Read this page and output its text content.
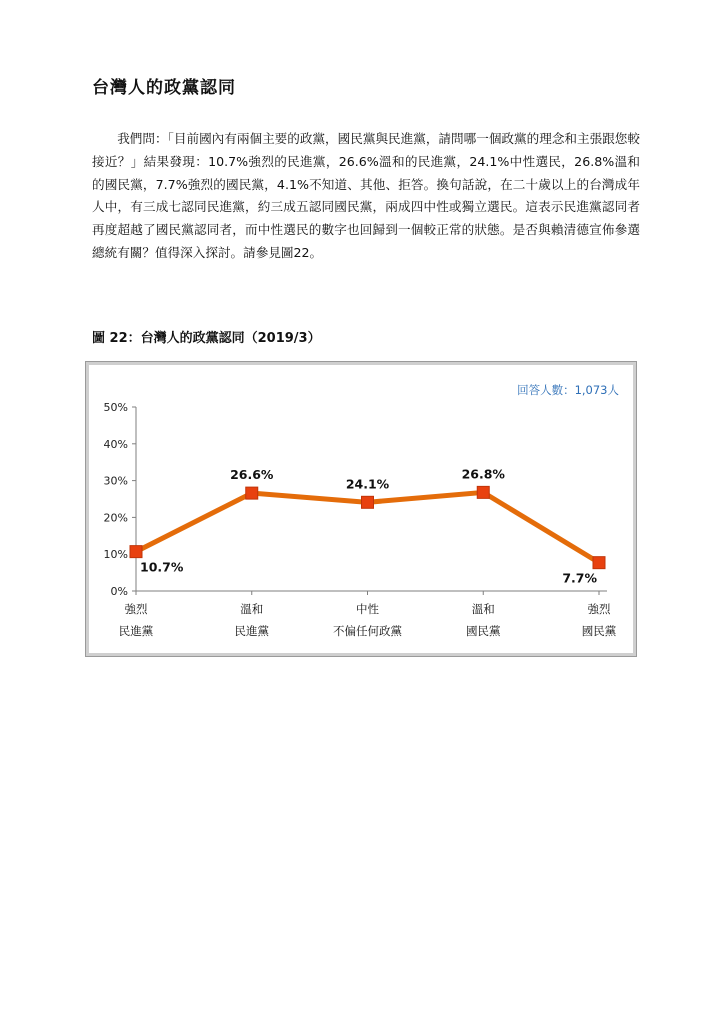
台灣人的政黨認同

我們問：「目前國內有兩個主要的政黨，國民黨與民進黨，請問哪一個政黨的理念和主張跟您較接近？」結果發現：10.7%強烈的民進黨，26.6%溫和的民進黨，24.1%中性選民，26.8%溫和的國民黨，7.7%強烈的國民黨，4.1%不知道、其他、拒答。換句話說，在二十歲以上的台灣成年人中，有三成七認同民進黨，約三成五認同國民黨，兩成四中性或獨立選民。這表示民進黨認同者再度超越了國民黨認同者，而中性選民的數字也回歸到一個較正常的狀態。是否與賴清德宣佈參選總統有關？值得深入探討。請參見圖22。

圖 22：台灣人的政黨認同（2019/3）
回答人數：1,073人
0%
10%
20%
30%
40%
50%
強烈
民進黨
溫和
民進黨
中性
不偏任何政黨
溫和
國民黨
強烈
國民黨
10.7%
26.6%
24.1%
26.8%
7.7%
